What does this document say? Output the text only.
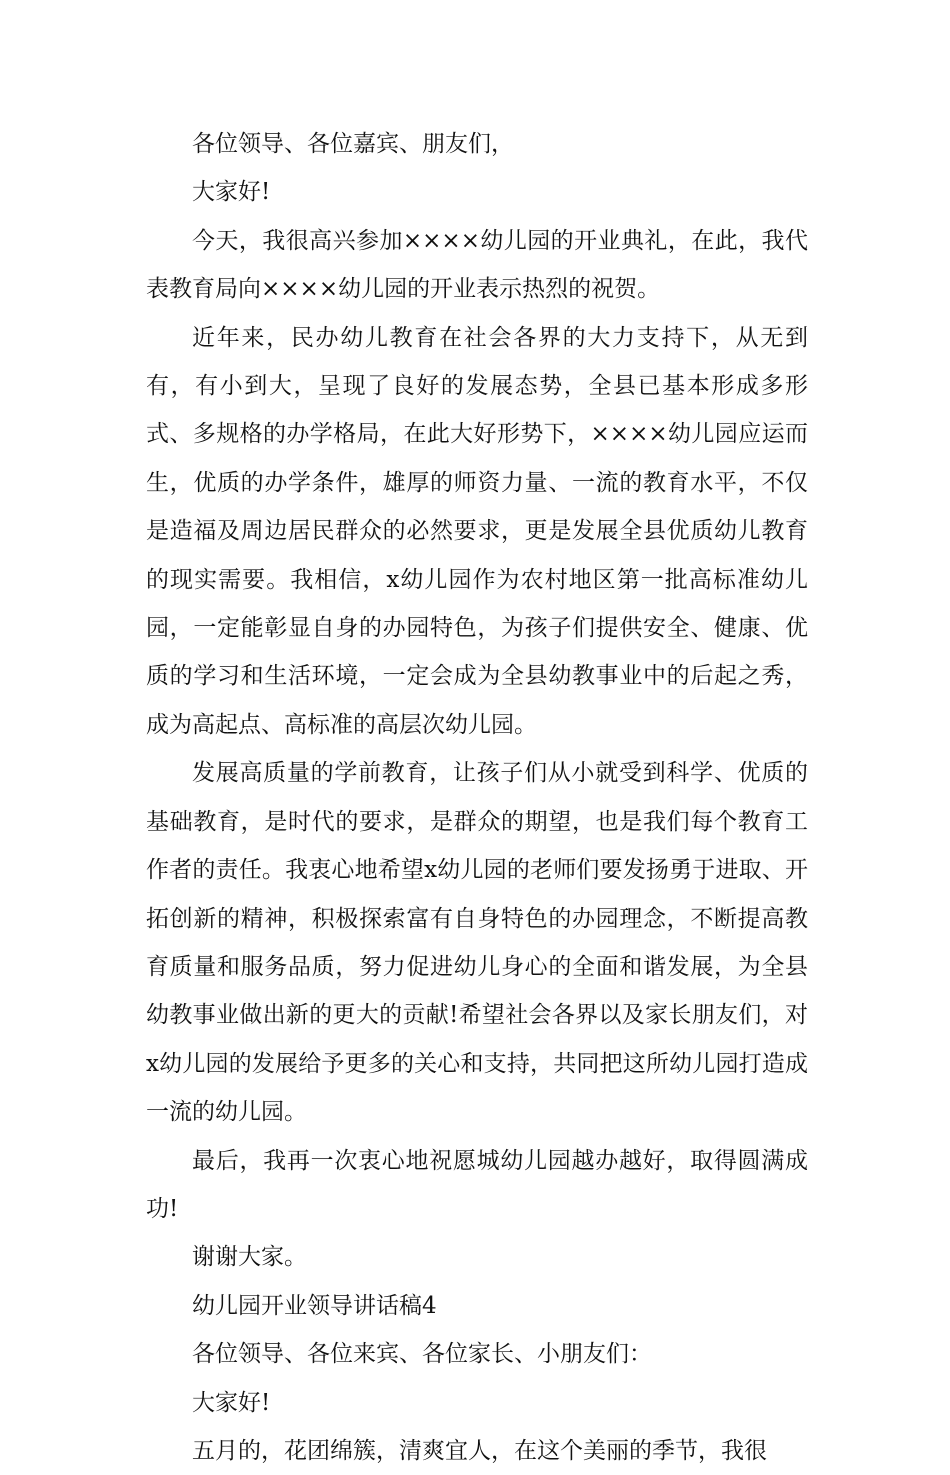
各位领导、各位嘉宾、朋友们，

大家好!

今天，我很高兴参加××××幼儿园的开业典礼，在此，我代表教育局向××××幼儿园的开业表示热烈的祝贺。

近年来，民办幼儿教育在社会各界的大力支持下，从无到有，有小到大，呈现了良好的发展态势，全县已基本形成多形式、多规格的办学格局，在此大好形势下，××××幼儿园应运而生，优质的办学条件，雄厚的师资力量、一流的教育水平，不仅是造福及周边居民群众的必然要求，更是发展全县优质幼儿教育的现实需要。我相信，x幼儿园作为农村地区第一批高标准幼儿园，一定能彰显自身的办园特色，为孩子们提供安全、健康、优质的学习和生活环境，一定会成为全县幼教事业中的后起之秀，成为高起点、高标准的高层次幼儿园。

发展高质量的学前教育，让孩子们从小就受到科学、优质的基础教育，是时代的要求，是群众的期望，也是我们每个教育工作者的责任。我衷心地希望x幼儿园的老师们要发扬勇于进取、开拓创新的精神，积极探索富有自身特色的办园理念，不断提高教育质量和服务品质，努力促进幼儿身心的全面和谐发展，为全县幼教事业做出新的更大的贡献!希望社会各界以及家长朋友们，对x幼儿园的发展给予更多的关心和支持，共同把这所幼儿园打造成一流的幼儿园。

最后，我再一次衷心地祝愿城幼儿园越办越好，取得圆满成功!

谢谢大家。

幼儿园开业领导讲话稿4

各位领导、各位来宾、各位家长、小朋友们：

大家好!

五月的，花团绵簇，清爽宜人，在这个美丽的季节，我很
